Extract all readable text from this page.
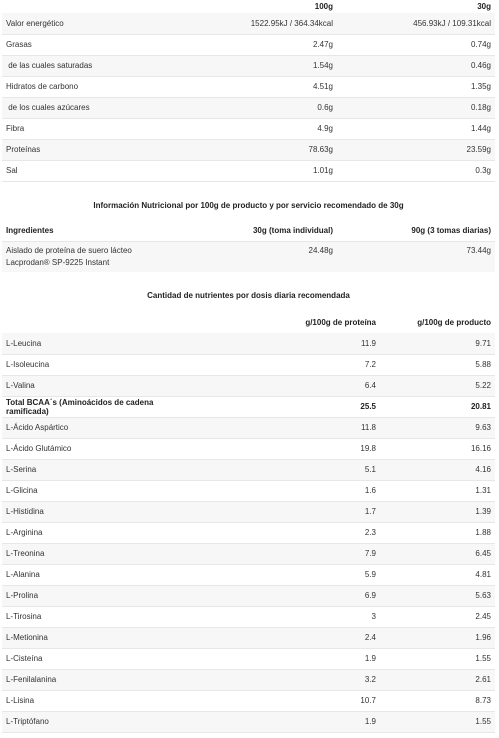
	100g	30g
Valor energético	1522.95kJ / 364.34kcal	456.93kJ / 109.31kcal
Grasas	2.47g	0.74g
de las cuales saturadas	1.54g	0.46g
Hidratos de carbono	4.51g	1.35g
de los cuales azúcares	0.6g	0.18g
Fibra	4.9g	1.44g
Proteínas	78.63g	23.59g
Sal	1.01g	0.3g
Información Nutricional por 100g de producto y por servicio recomendado de 30g
Ingredientes	30g (toma individual)	90g (3 tomas diarias)

Aislado de proteína de suero lácteo
Lacprodan® SP-9225 Instant	24.48g	73.44g
Cantidad de nutrientes por dosis diaria recomendada
	g/100g de proteína	g/100g de producto
L-Leucina	11.9	9.71
L-Isoleucina	7.2	5.88
L-Valina	6.4	5.22
Total BCAA´s (Aminoácidos de cadena ramificada)	25.5	20.81
L-Ácido Aspártico	11.8	9.63
L-Ácido Glutámico	19.8	16.16
L-Serina	5.1	4.16
L-Glicina	1.6	1.31
L-Histidina	1.7	1.39
L-Arginina	2.3	1.88
L-Treonina	7.9	6.45
L-Alanina	5.9	4.81
L-Prolina	6.9	5.63
L-Tirosina	3	2.45
L-Metionina	2.4	1.96
L-Cisteína	1.9	1.55
L-Fenilalanina	3.2	2.61
L-Lisina	10.7	8.73
L-Triptófano	1.9	1.55
